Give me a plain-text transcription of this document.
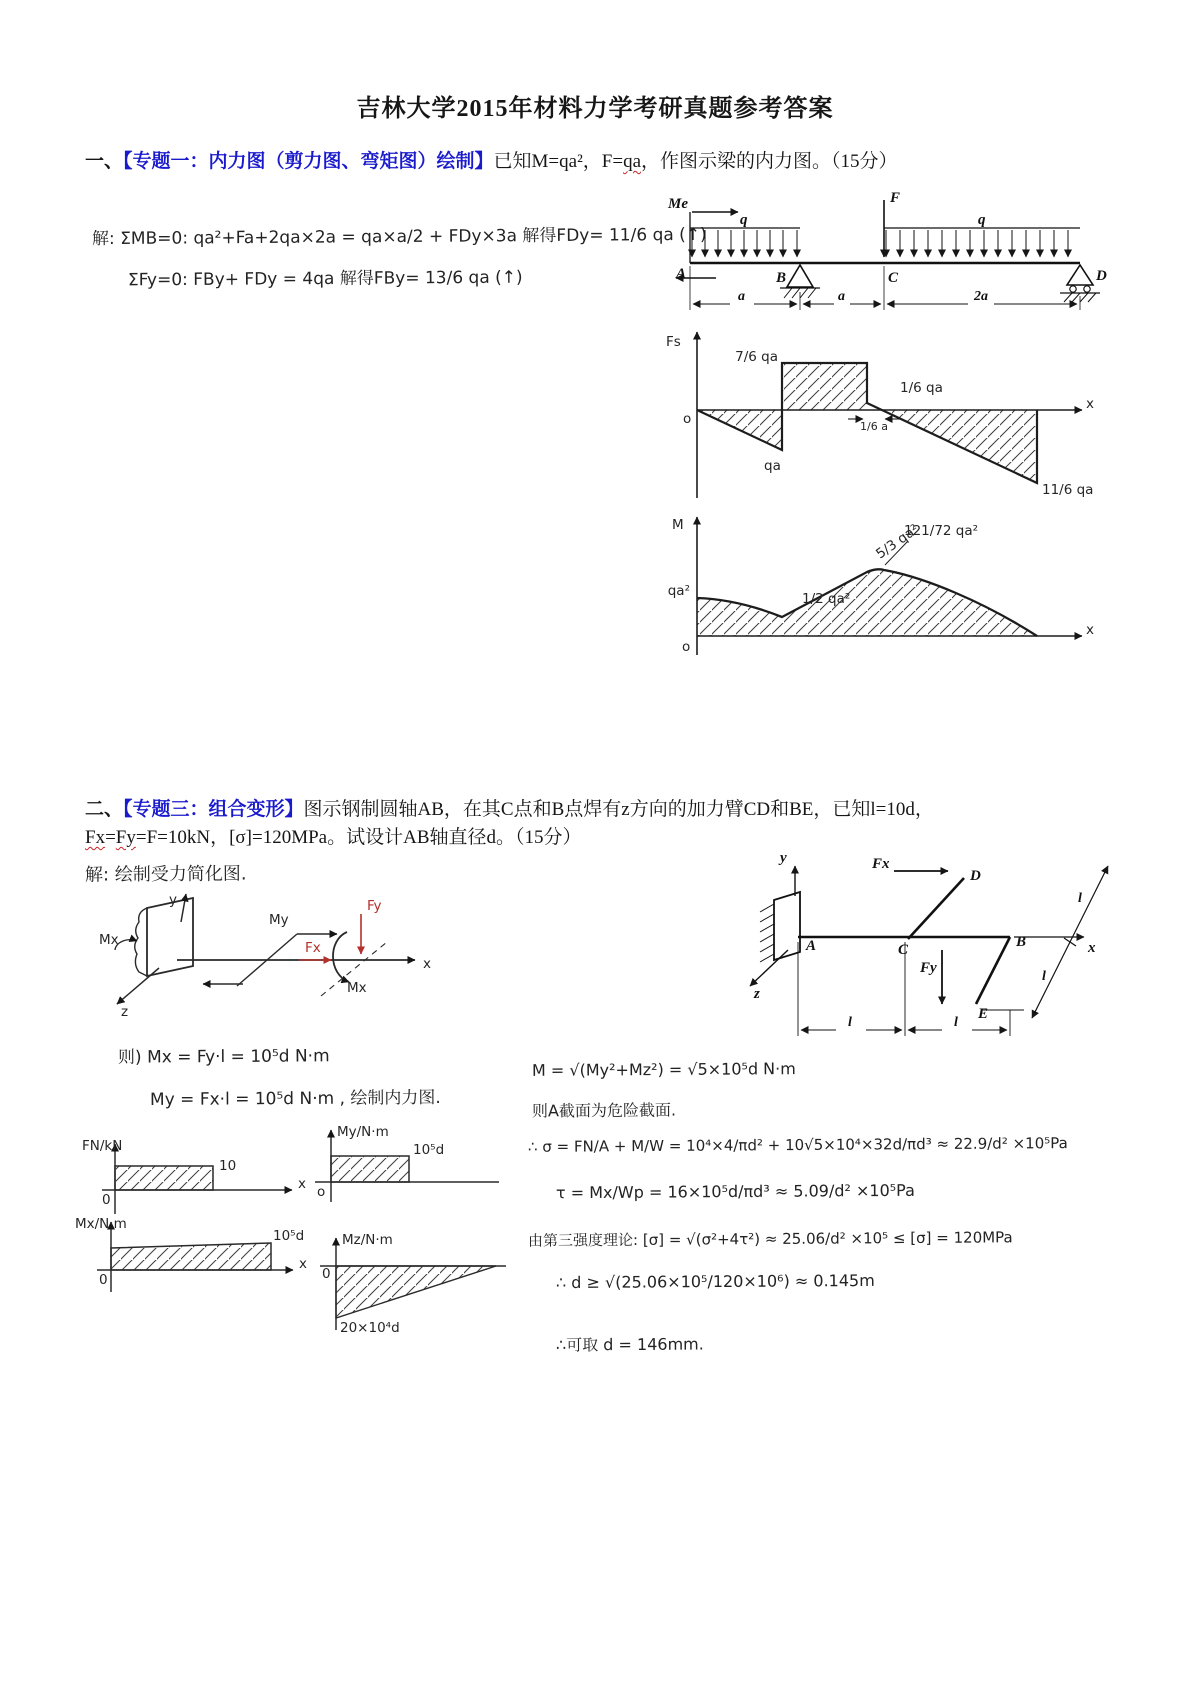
吉林大学2015年材料力学考研真题参考答案
一、【专题一：内力图（剪力图、弯矩图）绘制】已知M=qa²，F=qa，作图示梁的内力图。（15分）
解: ΣMB=0: qa²+Fa+2qa×2a = qa×a/2 + FDy×3a 解得FDy= 11/6 qa (↑)
ΣFy=0: FBy+ FDy = 4qa 解得FBy= 13/6 qa (↑)
Me
q
F
q
A	B	C	D
a	a	2a
Fs
o
x
7/6 qa
1/6 qa
qa
1/6 a
11/6 qa
M
qa²	1/2 qa²
5/3 qa²
121/72 qa²
o
x
二、【专题三：组合变形】图示钢制圆轴AB，在其C点和B点焊有z方向的加力臂CD和BE，已知l=10d，
Fx=Fy=F=10kN，[σ]=120MPa。试设计AB轴直径d。（15分）
解: 绘制受力简化图.
y
Mx
My
Fx
Fy
Mx
x
z
y	Fx
D
A	C
Fy
B
E
x
z
l
l
l	l
则) Mx = Fy·l = 10⁵d N·m
My = Fx·l = 10⁵d N·m , 绘制内力图.
FN/kN
10
0
x
My/N·m
10⁵d
o
Mx/N·m
10⁵d
0
x
Mz/N·m
20×10⁴d
0
M = √(My²+Mz²) = √5×10⁵d N·m
则A截面为危险截面.
∴ σ = FN/A + M/W = 10⁴×4/πd² + 10√5×10⁴×32d/πd³ ≈ 22.9/d² ×10⁵Pa
τ = Mx/Wp = 16×10⁵d/πd³ ≈ 5.09/d² ×10⁵Pa
由第三强度理论: [σ] = √(σ²+4τ²) ≈ 25.06/d² ×10⁵ ≤ [σ] = 120MPa
∴ d ≥ √(25.06×10⁵/120×10⁶) ≈ 0.145m
∴可取 d = 146mm.
